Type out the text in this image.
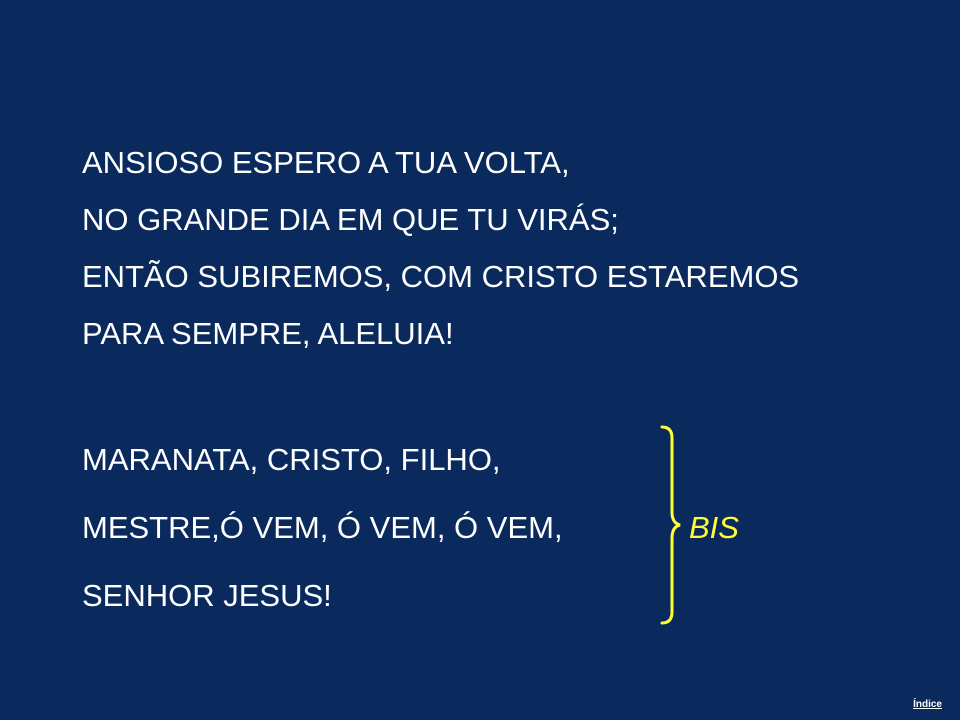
ANSIOSO ESPERO A TUA VOLTA,
NO GRANDE DIA EM QUE TU VIRÁS;
ENTÃO SUBIREMOS, COM CRISTO ESTAREMOS
PARA SEMPRE, ALELUIA!
MARANATA, CRISTO, FILHO,
MESTRE,Ó VEM, Ó VEM, Ó VEM,
SENHOR JESUS!
BIS
Índice
